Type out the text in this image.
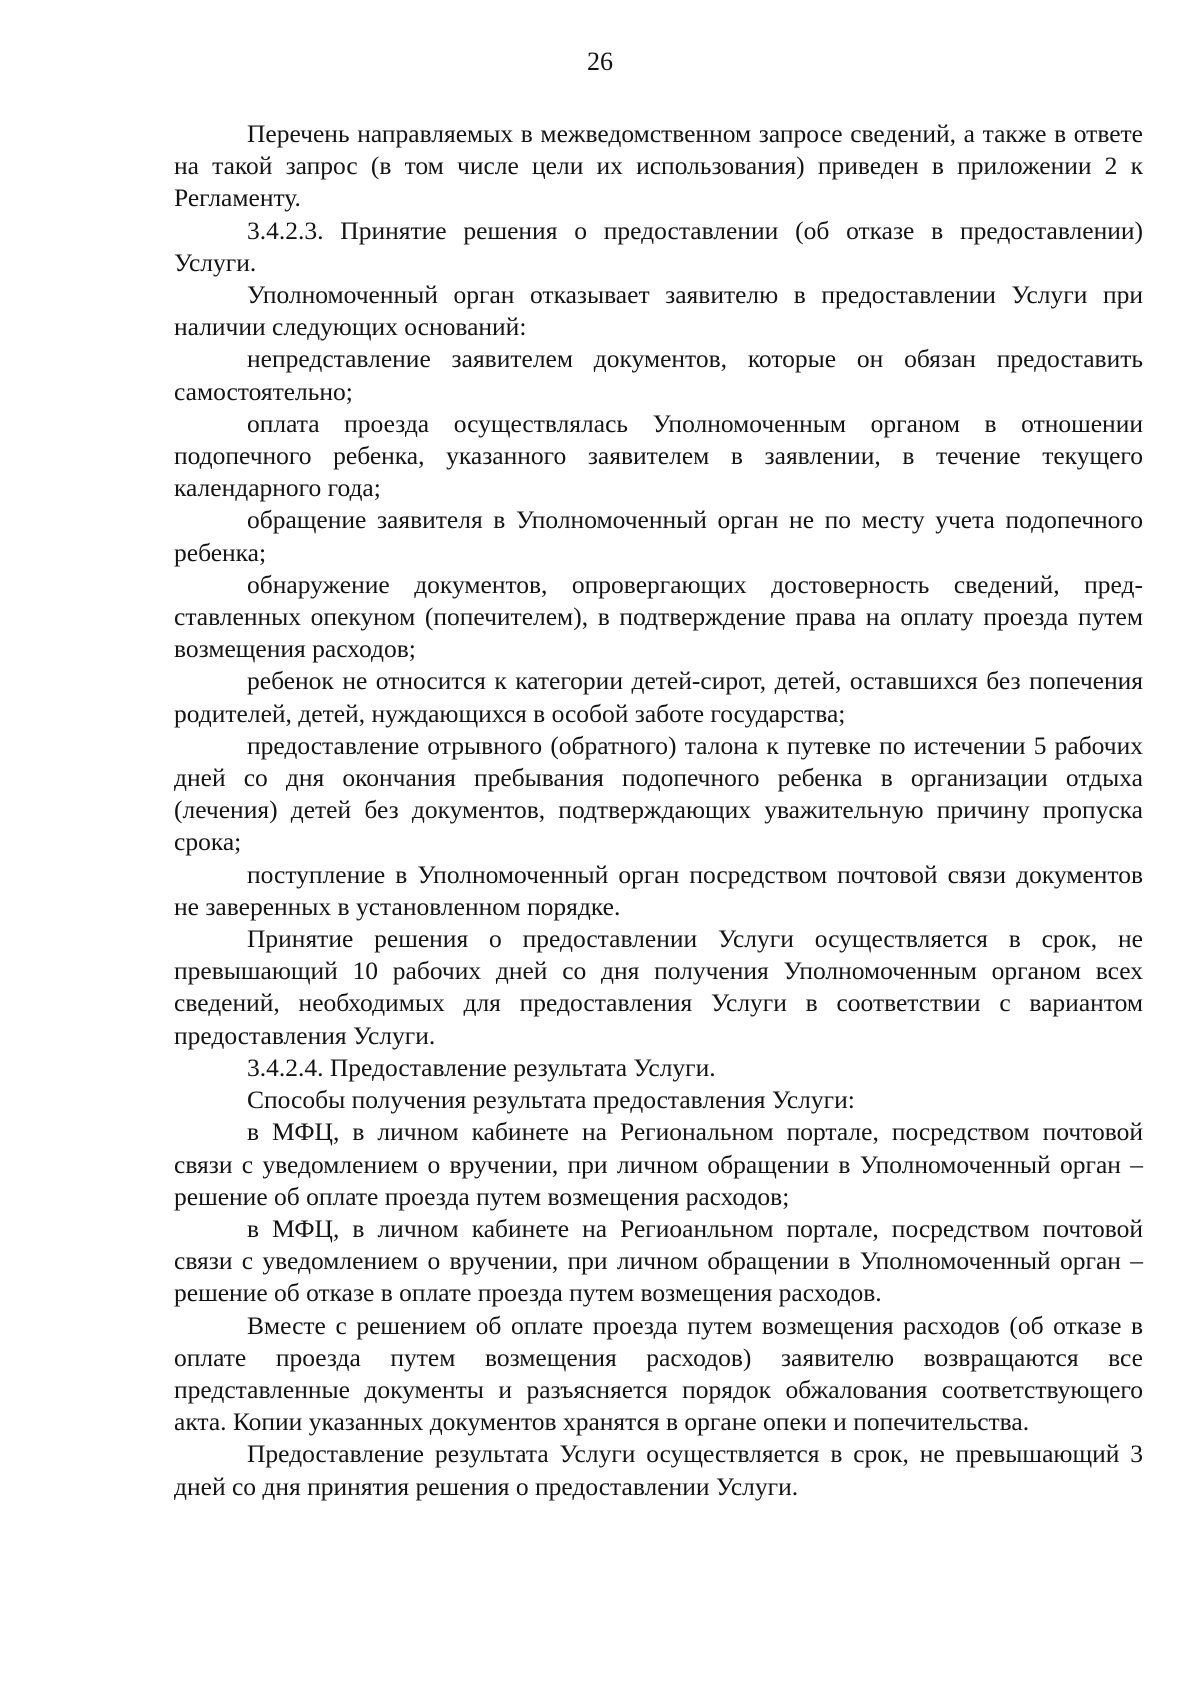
26

Перечень направляемых в межведомственном запросе сведений, а также в ответе на такой запрос (в том числе цели их использования) приведен в приложении 2 к Регламенту.

3.4.2.3. Принятие решения о предоставлении (об отказе в предоставлении) Услуги.

Уполномоченный орган отказывает заявителю в предоставлении Услуги при наличии следующих оснований:

непредставление заявителем документов, которые он обязан предоставить самостоятельно;

оплата проезда осуществлялась Уполномоченным органом в отношении подопечного ребенка, указанного заявителем в заявлении, в течение текущего календарного года;

обращение заявителя в Уполномоченный орган не по месту учета подопечного ребенка;

обнаружение документов, опровергающих достоверность сведений, представленных опекуном (попечителем), в подтверждение права на оплату проезда путем возмещения расходов;

ребенок не относится к категории детей-сирот, детей, оставшихся без попечения родителей, детей, нуждающихся в особой заботе государства;

предоставление отрывного (обратного) талона к путевке по истечении 5 рабочих дней со дня окончания пребывания подопечного ребенка в организации отдыха (лечения) детей без документов, подтверждающих уважительную причину пропуска срока;

поступление в Уполномоченный орган посредством почтовой связи документов не заверенных в установленном порядке.

Принятие решения о предоставлении Услуги осуществляется в срок, не превышающий 10 рабочих дней со дня получения Уполномоченным органом всех сведений, необходимых для предоставления Услуги в соответствии с вариантом предоставления Услуги.

3.4.2.4. Предоставление результата Услуги.

Способы получения результата предоставления Услуги:

в МФЦ, в личном кабинете на Региональном портале, посредством почтовой связи с уведомлением о вручении, при личном обращении в Уполномоченный орган – решение об оплате проезда путем возмещения расходов;

в МФЦ, в личном кабинете на Региоанльном портале, посредством почтовой связи с уведомлением о вручении, при личном обращении в Уполномоченный орган – решение об отказе в оплате проезда путем возмещения расходов.

Вместе с решением об оплате проезда путем возмещения расходов (об отказе в оплате проезда путем возмещения расходов) заявителю возвращаются все представленные документы и разъясняется порядок обжалования соответствующего акта. Копии указанных документов хранятся в органе опеки и попечительства.

Предоставление результата Услуги осуществляется в срок, не превышающий 3 дней со дня принятия решения о предоставлении Услуги.
